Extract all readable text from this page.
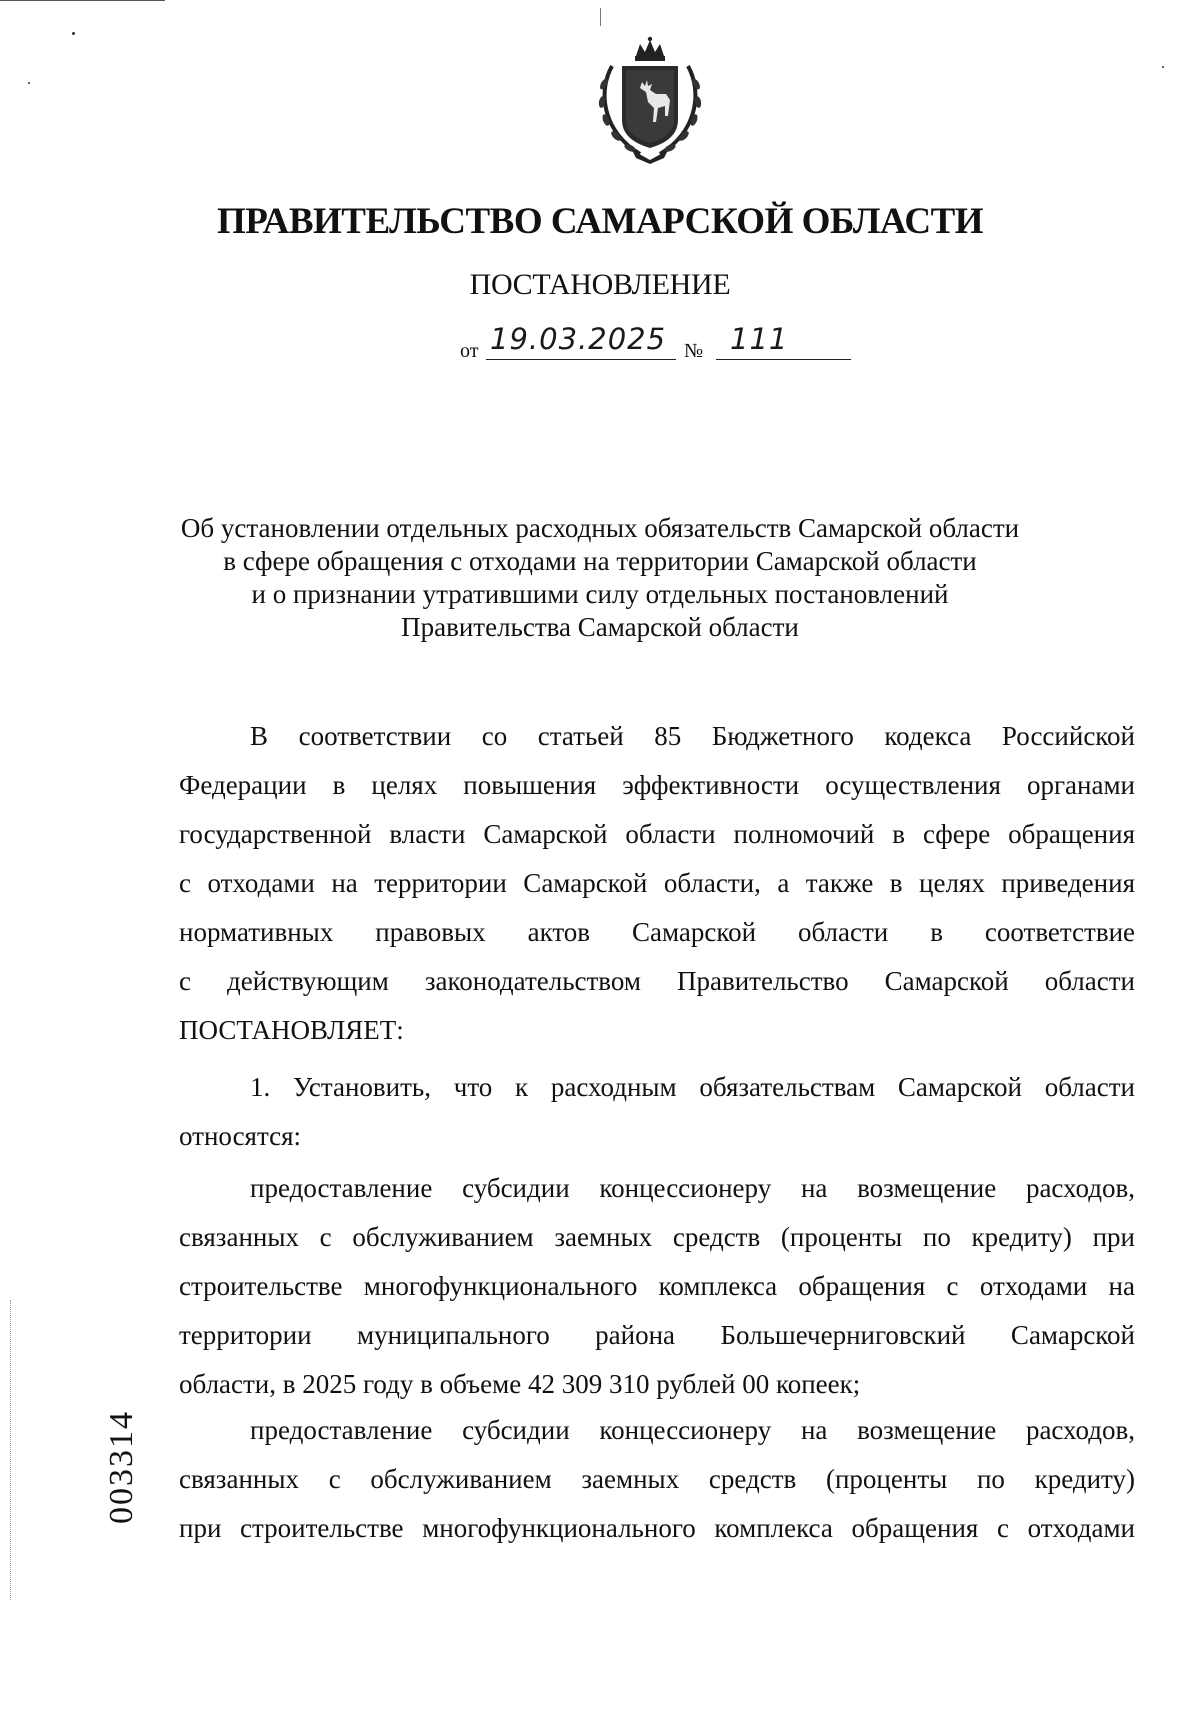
ПРАВИТЕЛЬСТВО САМАРСКОЙ ОБЛАСТИ
ПОСТАНОВЛЕНИЕ
от 19.03.2025 № 111
Об установлении отдельных расходных обязательств Самарской области
в сфере обращения с отходами на территории Самарской области
и о признании утратившими силу отдельных постановлений
Правительства Самарской области
В соответствии со статьей 85 Бюджетного кодекса Российской
Федерации в целях повышения эффективности осуществления органами
государственной власти Самарской области полномочий в сфере обращения
с отходами на территории Самарской области, а также в целях приведения
нормативных правовых актов Самарской области в соответствие
с действующим законодательством Правительство Самарской области
ПОСТАНОВЛЯЕТ:
1. Установить, что к расходным обязательствам Самарской области
относятся:
предоставление субсидии концессионеру на возмещение расходов,
связанных с обслуживанием заемных средств (проценты по кредиту) при
строительстве многофункционального комплекса обращения с отходами на
территории муниципального района Большечерниговский Самарской
области, в 2025 году в объеме 42 309 310 рублей 00 копеек;
предоставление субсидии концессионеру на возмещение расходов,
связанных с обслуживанием заемных средств (проценты по кредиту)
при строительстве многофункционального комплекса обращения с отходами
003314
